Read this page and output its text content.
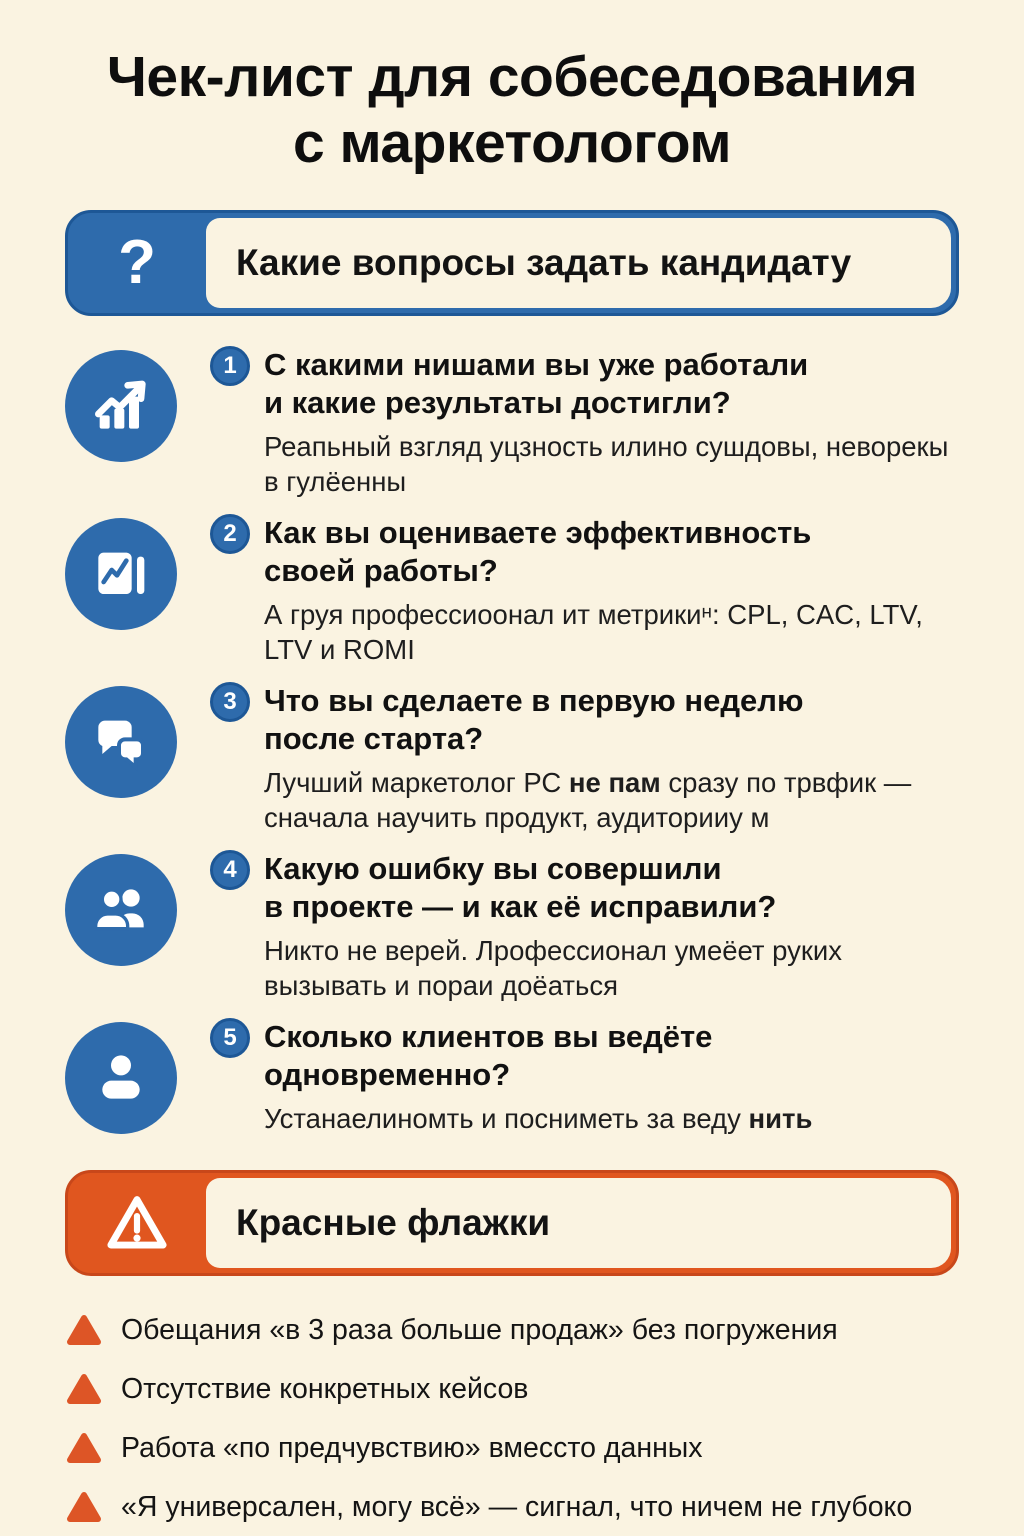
Чек-лист для собеседования
с маркетологом
? Какие вопросы задать кандидату
1 С какими нишами вы уже работали
и какие результаты достигли?
Реапьный взгляд уцзность илино сушдовы, неворекы в гулёенны
2 Как вы оцениваете эффективность
своей работы?
А груя профессиоонал ит метрикиᵸ: CPL, CAC, LTV, LTV и ROMI
3 Что вы сделаете в первую неделю
после старта?
Лучший маркетолог РС не пам сразу по трвфик — сначала научить продукт, аудиторииу м
4 Какую ошибку вы совершили
в проекте — и как её исправили?
Никто не верей. Лрофессионал умеёет руких вызывать и пораи доёаться
5 Сколько клиентов вы ведёте
одновременно?
Устанаелиномть и посниметь за веду нить
Красные флажки
Обещания «в 3 раза больше продаж» без погружения
Отсутствие конкретных кейсов
Работа «по предчувствию» вмессто данных
«Я универсален, могу всё» — сигнал, что ничем не глубоко
